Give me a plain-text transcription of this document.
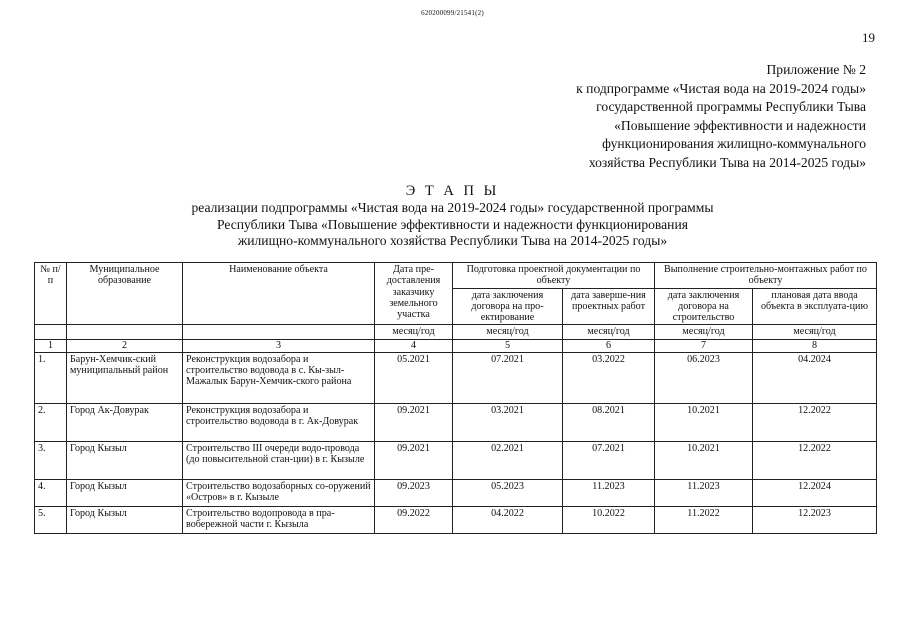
620200099/21541(2)
19
Приложение № 2
к подпрограмме «Чистая вода на 2019-2024 годы»
государственной программы Республики Тыва
«Повышение эффективности и надежности
функционирования жилищно-коммунального
хозяйства Республики Тыва на 2014-2025 годы»
Э Т А П Ы
реализации подпрограммы «Чистая вода на 2019-2024 годы» государственной программы
Республики Тыва «Повышение эффективности и надежности функционирования
жилищно-коммунального хозяйства Республики Тыва на 2014-2025 годы»
№ п/п	Муниципальное образование	Наименование объекта	Дата пре-доставления заказчику земельного участка	Подготовка проектной документации по объекту		Выполнение строительно-монтажных работ по объекту	
				дата заключения договора на про-ектирование	дата заверше-ния проектных работ	дата заключения договора на строительство	плановая дата ввода объекта в эксплуата-цию
			месяц/год	месяц/год	месяц/год	месяц/год	месяц/год
1	2	3	4	5	6	7	8
1.	Барун-Хемчик-ский муниципальный район	Реконструкция водозабора и строительство водовода в с. Кы-зыл-Мажалык Барун-Хемчик-ского района	05.2021	07.2021	03.2022	06.2023	04.2024
2.	Город Ак-Довурак	Реконструкция водозабора и строительство водовода в г. Ак-Довурак	09.2021	03.2021	08.2021	10.2021	12.2022
3.	Город Кызыл	Строительство III очереди водо-провода (до повысительной стан-ции) в г. Кызыле	09.2021	02.2021	07.2021	10.2021	12.2022
4.	Город Кызыл	Строительство водозаборных со-оружений «Остров» в г. Кызыле	09.2023	05.2023	11.2023	11.2023	12.2024
5.	Город Кызыл	Строительство водопровода в пра-вобережной части г. Кызыла	09.2022	04.2022	10.2022	11.2022	12.2023
